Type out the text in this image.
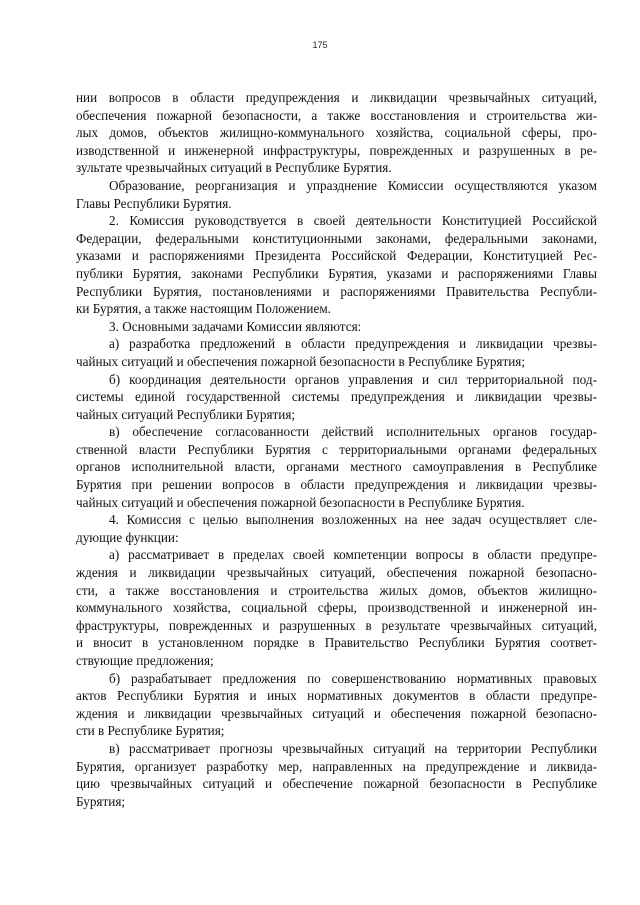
175
нии вопросов в области предупреждения и ликвидации чрезвычайных ситуаций,
обеспечения пожарной безопасности, а также восстановления и строительства жи-
лых домов, объектов жилищно-коммунального хозяйства, социальной сферы, про-
изводственной и инженерной инфраструктуры, поврежденных и разрушенных в ре-
зультате чрезвычайных ситуаций в Республике Бурятия.
Образование, реорганизация и упразднение Комиссии осуществляются указом
Главы Республики Бурятия.
2. Комиссия руководствуется в своей деятельности Конституцией Российской
Федерации, федеральными конституционными законами, федеральными законами,
указами и распоряжениями Президента Российской Федерации, Конституцией Рес-
публики Бурятия, законами Республики Бурятия, указами и распоряжениями Главы
Республики Бурятия, постановлениями и распоряжениями Правительства Республи-
ки Бурятия, а также настоящим Положением.
3. Основными задачами Комиссии являются:
а) разработка предложений в области предупреждения и ликвидации чрезвы-
чайных ситуаций и обеспечения пожарной безопасности в Республике Бурятия;
б) координация деятельности органов управления и сил территориальной под-
системы единой государственной системы предупреждения и ликвидации чрезвы-
чайных ситуаций Республики Бурятия;
в) обеспечение согласованности действий исполнительных органов государ-
ственной власти Республики Бурятия с территориальными органами федеральных
органов исполнительной власти, органами местного самоуправления в Республике
Бурятия при решении вопросов в области предупреждения и ликвидации чрезвы-
чайных ситуаций и обеспечения пожарной безопасности в Республике Бурятия.
4. Комиссия с целью выполнения возложенных на нее задач осуществляет сле-
дующие функции:
а) рассматривает в пределах своей компетенции вопросы в области предупре-
ждения и ликвидации чрезвычайных ситуаций, обеспечения пожарной безопасно-
сти, а также восстановления и строительства жилых домов, объектов жилищно-
коммунального хозяйства, социальной сферы, производственной и инженерной ин-
фраструктуры, поврежденных и разрушенных в результате чрезвычайных ситуаций,
и вносит в установленном порядке в Правительство Республики Бурятия соответ-
ствующие предложения;
б) разрабатывает предложения по совершенствованию нормативных правовых
актов Республики Бурятия и иных нормативных документов в области предупре-
ждения и ликвидации чрезвычайных ситуаций и обеспечения пожарной безопасно-
сти в Республике Бурятия;
в) рассматривает прогнозы чрезвычайных ситуаций на территории Республики
Бурятия, организует разработку мер, направленных на предупреждение и ликвида-
цию чрезвычайных ситуаций и обеспечение пожарной безопасности в Республике
Бурятия;
